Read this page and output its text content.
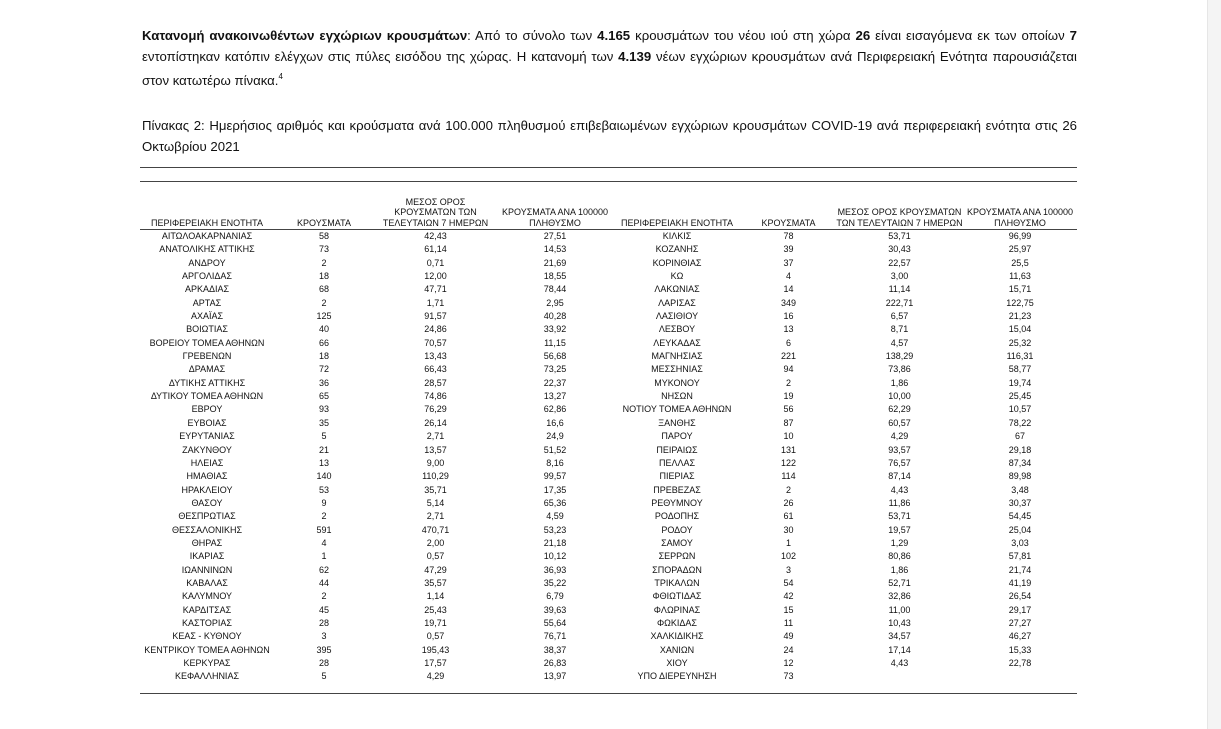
Κατανομή ανακοινωθέντων εγχώριων κρουσμάτων: Από το σύνολο των 4.165 κρουσμάτων του νέου ιού στη χώρα 26 είναι εισαγόμενα εκ των οποίων 7 εντοπίστηκαν κατόπιν ελέγχων στις πύλες εισόδου της χώρας. Η κατανομή των 4.139 νέων εγχώριων κρουσμάτων ανά Περιφερειακή Ενότητα παρουσιάζεται στον κατωτέρω πίνακα.$^4$
Πίνακας 2: Ημερήσιος αριθμός και κρούσματα ανά 100.000 πληθυσμού επιβεβαιωμένων εγχώριων κρουσμάτων COVID-19 ανά περιφερειακή ενότητα στις 26 Οκτωβρίου 2021
ΠΕΡΙΦΕΡΕΙΑΚΗ ΕΝΟΤΗΤΑ	ΚΡΟΥΣΜΑΤΑ	ΜΕΣΟΣ ΟΡΟΣ ΚΡΟΥΣΜΑΤΩΝ ΤΩΝ ΤΕΛΕΥΤΑΙΩΝ 7 ΗΜΕΡΩΝ	ΚΡΟΥΣΜΑΤΑ ΑΝΑ 100000 ΠΛΗΘΥΣΜΟ	ΠΕΡΙΦΕΡΕΙΑΚΗ ΕΝΟΤΗΤΑ	ΚΡΟΥΣΜΑΤΑ	ΜΕΣΟΣ ΟΡΟΣ ΚΡΟΥΣΜΑΤΩΝ ΤΩΝ ΤΕΛΕΥΤΑΙΩΝ 7 ΗΜΕΡΩΝ	ΚΡΟΥΣΜΑΤΑ ΑΝΑ 100000 ΠΛΗΘΥΣΜΟ
ΑΙΤΩΛΟΑΚΑΡΝΑΝΙΑΣ	58	42,43	27,51	ΚΙΛΚΙΣ	78	53,71	96,99
ΑΝΑΤΟΛΙΚΗΣ ΑΤΤΙΚΗΣ	73	61,14	14,53	ΚΟΖΑΝΗΣ	39	30,43	25,97
ΑΝΔΡΟΥ	2	0,71	21,69	ΚΟΡΙΝΘΙΑΣ	37	22,57	25,5
ΑΡΓΟΛΙΔΑΣ	18	12,00	18,55	ΚΩ	4	3,00	11,63
ΑΡΚΑΔΙΑΣ	68	47,71	78,44	ΛΑΚΩΝΙΑΣ	14	11,14	15,71
ΑΡΤΑΣ	2	1,71	2,95	ΛΑΡΙΣΑΣ	349	222,71	122,75
ΑΧΑΪΑΣ	125	91,57	40,28	ΛΑΣΙΘΙΟΥ	16	6,57	21,23
ΒΟΙΩΤΙΑΣ	40	24,86	33,92	ΛΕΣΒΟΥ	13	8,71	15,04
ΒΟΡΕΙΟΥ ΤΟΜΕΑ ΑΘΗΝΩΝ	66	70,57	11,15	ΛΕΥΚΑΔΑΣ	6	4,57	25,32
ΓΡΕΒΕΝΩΝ	18	13,43	56,68	ΜΑΓΝΗΣΙΑΣ	221	138,29	116,31
ΔΡΑΜΑΣ	72	66,43	73,25	ΜΕΣΣΗΝΙΑΣ	94	73,86	58,77
ΔΥΤΙΚΗΣ ΑΤΤΙΚΗΣ	36	28,57	22,37	ΜΥΚΟΝΟΥ	2	1,86	19,74
ΔΥΤΙΚΟΥ ΤΟΜΕΑ ΑΘΗΝΩΝ	65	74,86	13,27	ΝΗΣΩΝ	19	10,00	25,45
ΕΒΡΟΥ	93	76,29	62,86	ΝΟΤΙΟΥ ΤΟΜΕΑ ΑΘΗΝΩΝ	56	62,29	10,57
ΕΥΒΟΙΑΣ	35	26,14	16,6	ΞΑΝΘΗΣ	87	60,57	78,22
ΕΥΡΥΤΑΝΙΑΣ	5	2,71	24,9	ΠΑΡΟΥ	10	4,29	67
ΖΑΚΥΝΘΟΥ	21	13,57	51,52	ΠΕΙΡΑΙΩΣ	131	93,57	29,18
ΗΛΕΙΑΣ	13	9,00	8,16	ΠΕΛΛΑΣ	122	76,57	87,34
ΗΜΑΘΙΑΣ	140	110,29	99,57	ΠΙΕΡΙΑΣ	114	87,14	89,98
ΗΡΑΚΛΕΙΟΥ	53	35,71	17,35	ΠΡΕΒΕΖΑΣ	2	4,43	3,48
ΘΑΣΟΥ	9	5,14	65,36	ΡΕΘΥΜΝΟΥ	26	11,86	30,37
ΘΕΣΠΡΩΤΙΑΣ	2	2,71	4,59	ΡΟΔΟΠΗΣ	61	53,71	54,45
ΘΕΣΣΑΛΟΝΙΚΗΣ	591	470,71	53,23	ΡΟΔΟΥ	30	19,57	25,04
ΘΗΡΑΣ	4	2,00	21,18	ΣΑΜΟΥ	1	1,29	3,03
ΙΚΑΡΙΑΣ	1	0,57	10,12	ΣΕΡΡΩΝ	102	80,86	57,81
ΙΩΑΝΝΙΝΩΝ	62	47,29	36,93	ΣΠΟΡΑΔΩΝ	3	1,86	21,74
ΚΑΒΑΛΑΣ	44	35,57	35,22	ΤΡΙΚΑΛΩΝ	54	52,71	41,19
ΚΑΛΥΜΝΟΥ	2	1,14	6,79	ΦΘΙΩΤΙΔΑΣ	42	32,86	26,54
ΚΑΡΔΙΤΣΑΣ	45	25,43	39,63	ΦΛΩΡΙΝΑΣ	15	11,00	29,17
ΚΑΣΤΟΡΙΑΣ	28	19,71	55,64	ΦΩΚΙΔΑΣ	11	10,43	27,27
ΚΕΑΣ - ΚΥΘΝΟΥ	3	0,57	76,71	ΧΑΛΚΙΔΙΚΗΣ	49	34,57	46,27
ΚΕΝΤΡΙΚΟΥ ΤΟΜΕΑ ΑΘΗΝΩΝ	395	195,43	38,37	ΧΑΝΙΩΝ	24	17,14	15,33
ΚΕΡΚΥΡΑΣ	28	17,57	26,83	ΧΙΟΥ	12	4,43	22,78
ΚΕΦΑΛΛΗΝΙΑΣ	5	4,29	13,97	ΥΠΟ ΔΙΕΡΕΥΝΗΣΗ	73		
